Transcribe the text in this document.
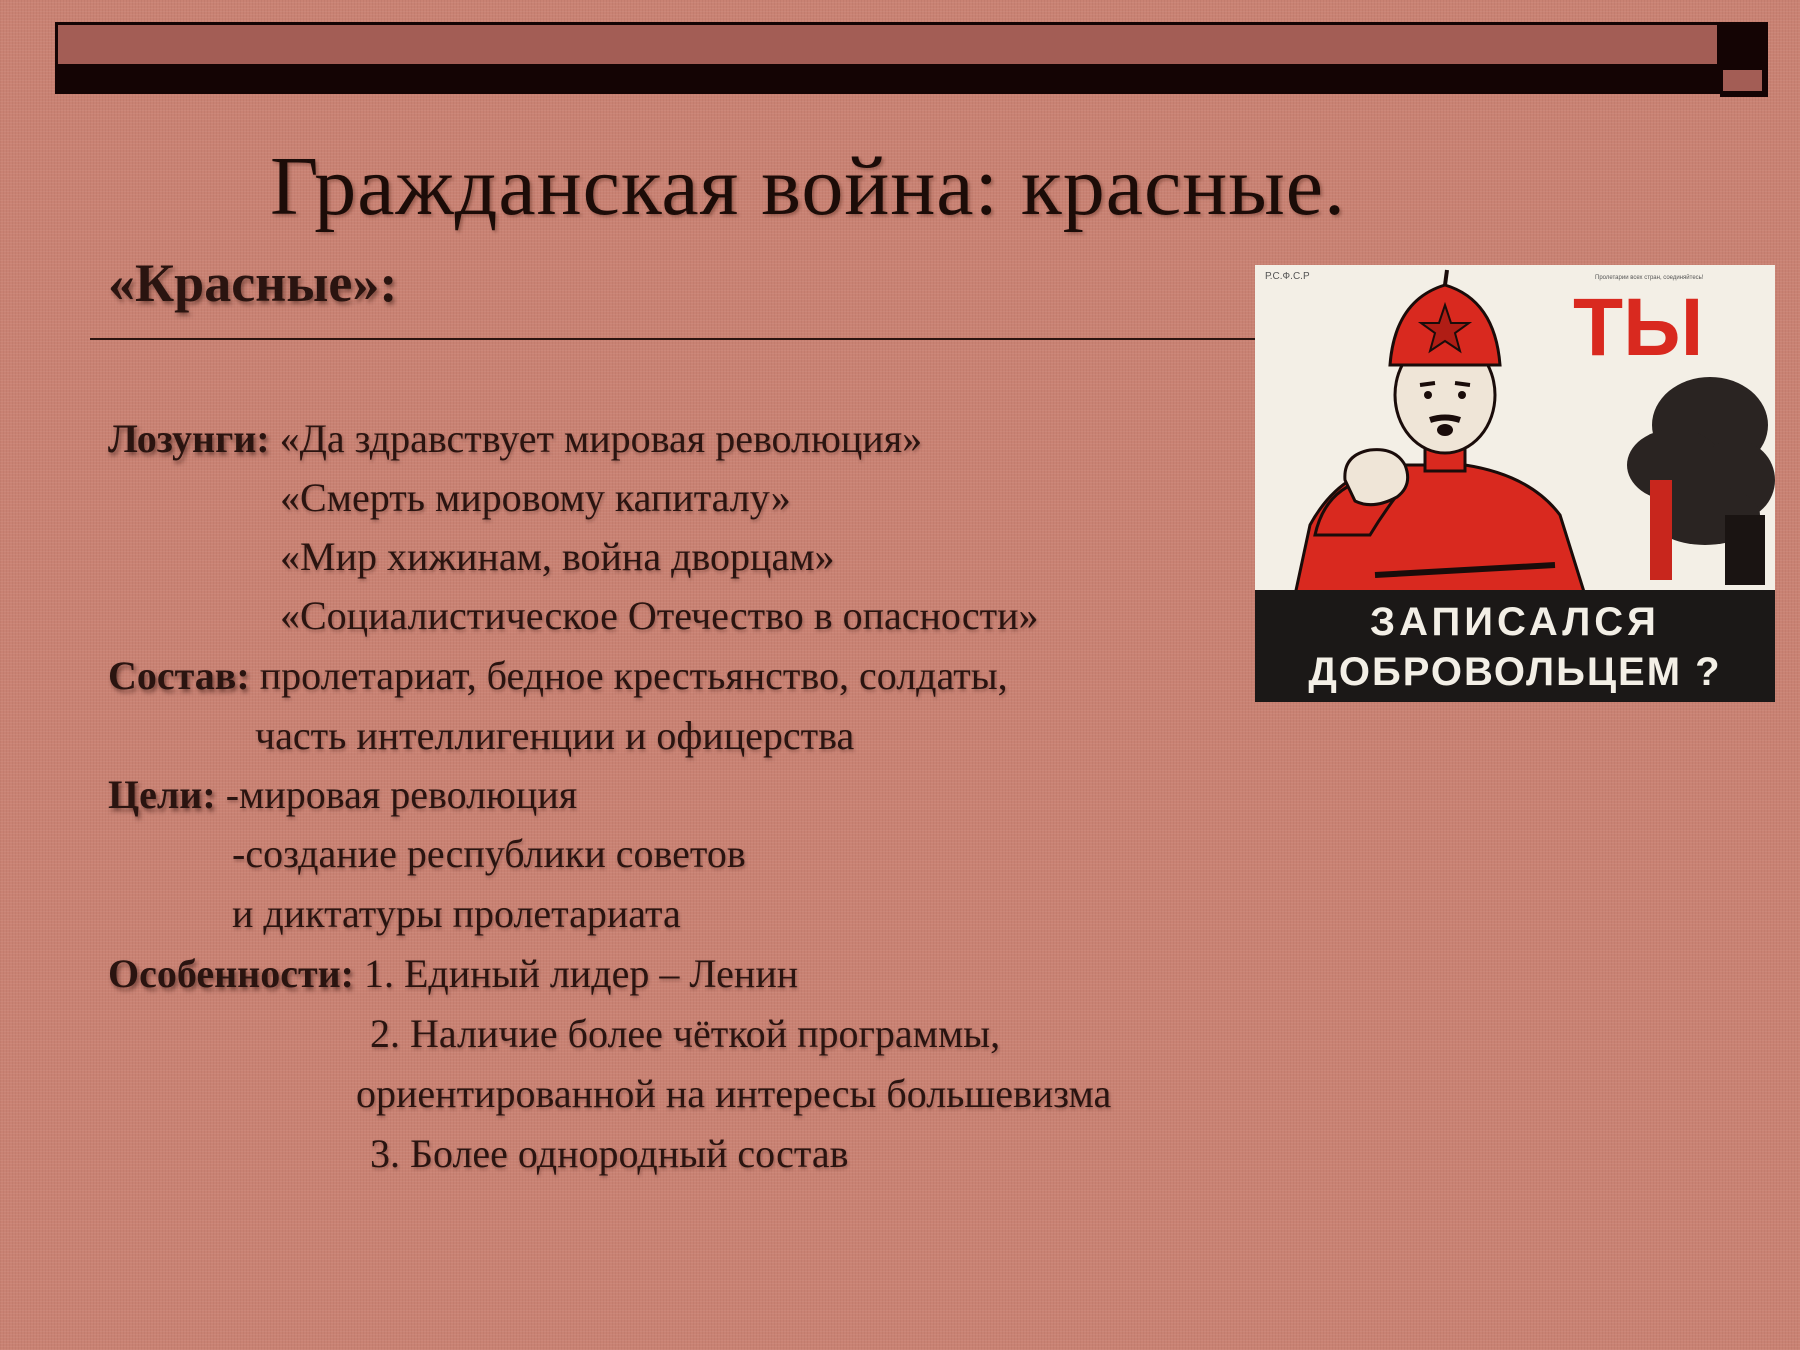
Гражданская война: красные.
«Красные»:
Лозунги: «Да здравствует мировая революция»
«Смерть мировому капиталу»
«Мир хижинам, война дворцам»
«Социалистическое Отечество в опасности»
Состав: пролетариат, бедное крестьянство, солдаты,
часть интеллигенции и офицерства
Цели: -мировая революция
-создание республики советов
и диктатуры пролетариата
Особенности: 1. Единый лидер – Ленин
2. Наличие более чёткой программы,
ориентированной на интересы большевизма
3. Более однородный состав
Р.С.Ф.С.Р	Пролетарии всех стран, соединяйтесь!
ТЫ
ЗАПИСАЛСЯ
ДОБРОВОЛЬЦЕМ ?
